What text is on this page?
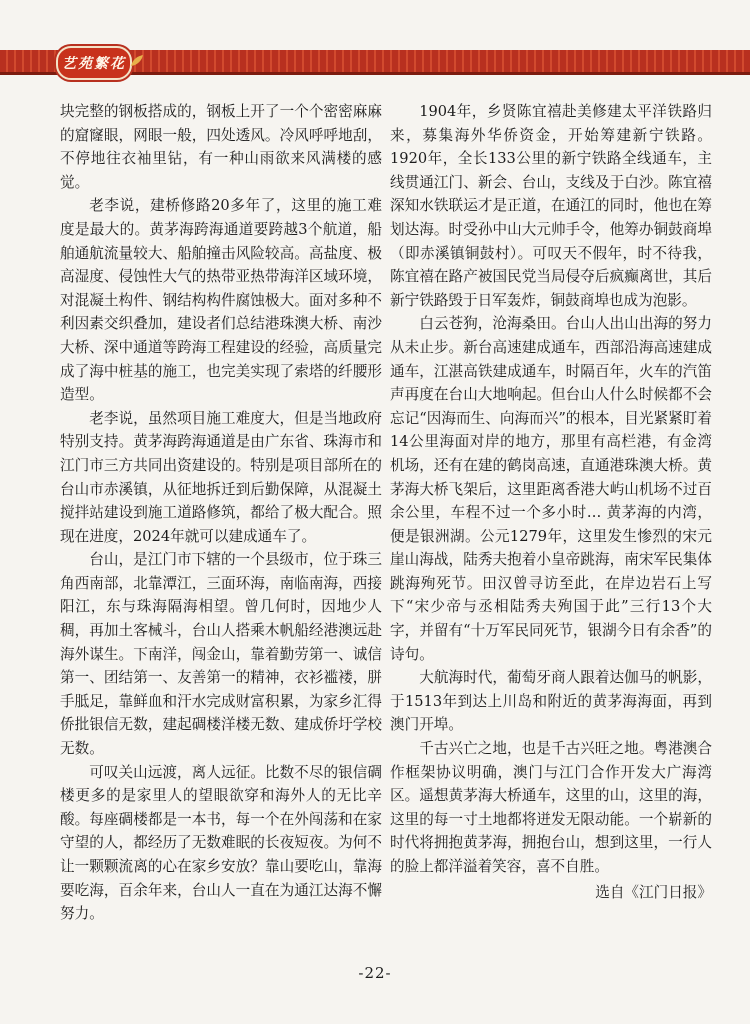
艺苑繁花

块完整的钢板搭成的，钢板上开了一个个密密麻麻的窟窿眼，网眼一般，四处透风。冷风呼呼地刮，不停地往衣袖里钻，有一种山雨欲来风满楼的感觉。

老李说，建桥修路20多年了，这里的施工难度是最大的。黄茅海跨海通道要跨越3个航道，船舶通航流量较大、船舶撞击风险较高。高盐度、极高湿度、侵蚀性大气的热带亚热带海洋区域环境，对混凝土构件、钢结构构件腐蚀极大。面对多种不利因素交织叠加，建设者们总结港珠澳大桥、南沙大桥、深中通道等跨海工程建设的经验，高质量完成了海中桩基的施工，也完美实现了索塔的纤腰形造型。

老李说，虽然项目施工难度大，但是当地政府特别支持。黄茅海跨海通道是由广东省、珠海市和江门市三方共同出资建设的。特别是项目部所在的台山市赤溪镇，从征地拆迁到后勤保障，从混凝土搅拌站建设到施工道路修筑，都给了极大配合。照现在进度，2024年就可以建成通车了。

台山，是江门市下辖的一个县级市，位于珠三角西南部，北靠潭江，三面环海，南临南海，西接阳江，东与珠海隔海相望。曾几何时，因地少人稠，再加土客械斗，台山人搭乘木帆船经港澳远赴海外谋生。下南洋，闯金山，靠着勤劳第一、诚信第一、团结第一、友善第一的精神，衣衫褴褛，胼手胝足，靠鲜血和汗水完成财富积累，为家乡汇得侨批银信无数，建起碉楼洋楼无数、建成侨圩学校无数。

可叹关山远渡，离人远征。比数不尽的银信碉楼更多的是家里人的望眼欲穿和海外人的无比辛酸。每座碉楼都是一本书，每一个在外闯荡和在家守望的人，都经历了无数难眠的长夜短夜。为何不让一颗颗流离的心在家乡安放？靠山要吃山，靠海要吃海，百余年来，台山人一直在为通江达海不懈努力。

1904年，乡贤陈宜禧赴美修建太平洋铁路归来，募集海外华侨资金，开始筹建新宁铁路。1920年，全长133公里的新宁铁路全线通车，主线贯通江门、新会、台山，支线及于白沙。陈宜禧深知水铁联运才是正道，在通江的同时，他也在筹划达海。时受孙中山大元帅手令，他筹办铜鼓商埠（即赤溪镇铜鼓村）。可叹天不假年，时不待我，陈宜禧在路产被国民党当局侵夺后疯癫离世，其后新宁铁路毁于日军轰炸，铜鼓商埠也成为泡影。

白云苍狗，沧海桑田。台山人出山出海的努力从未止步。新台高速建成通车，西部沿海高速建成通车，江湛高铁建成通车，时隔百年，火车的汽笛声再度在台山大地响起。但台山人什么时候都不会忘记“因海而生、向海而兴”的根本，目光紧紧盯着14公里海面对岸的地方，那里有高栏港，有金湾机场，还有在建的鹤岗高速，直通港珠澳大桥。黄茅海大桥飞架后，这里距离香港大屿山机场不过百余公里，车程不过一个多小时… 黄茅海的内湾，便是银洲湖。公元1279年，这里发生惨烈的宋元崖山海战，陆秀夫抱着小皇帝跳海，南宋军民集体跳海殉死节。田汉曾寻访至此，在岸边岩石上写下“宋少帝与丞相陆秀夫殉国于此”三行13个大字，并留有“十万军民同死节，银湖今日有余香”的诗句。

大航海时代，葡萄牙商人跟着达伽马的帆影，于1513年到达上川岛和附近的黄茅海海面，再到澳门开埠。

千古兴亡之地，也是千古兴旺之地。粤港澳合作框架协议明确，澳门与江门合作开发大广海湾区。遥想黄茅海大桥通车，这里的山，这里的海，这里的每一寸土地都将迸发无限动能。一个崭新的时代将拥抱黄茅海，拥抱台山，想到这里，一行人的脸上都洋溢着笑容，喜不自胜。

选自《江门日报》
-22-
